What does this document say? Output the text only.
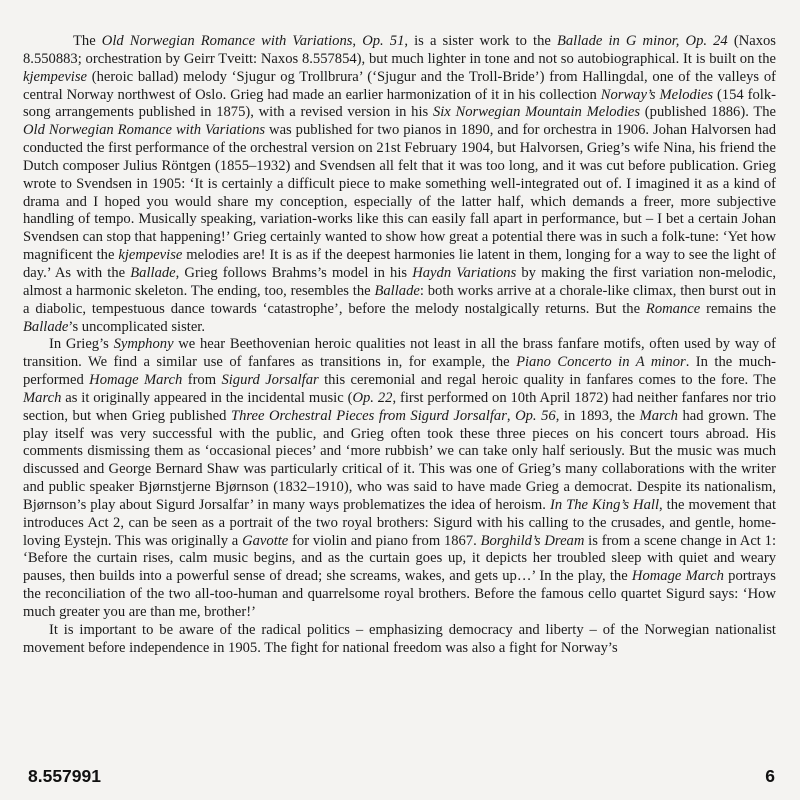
The Old Norwegian Romance with Variations, Op. 51, is a sister work to the Ballade in G minor, Op. 24 (Naxos 8.550883; orchestration by Geirr Tveitt: Naxos 8.557854), but much lighter in tone and not so autobiographical. It is built on the kjempevise (heroic ballad) melody ‘Sjugur og Trollbrura’ (‘Sjugur and the Troll-Bride’) from Hallingdal, one of the valleys of central Norway northwest of Oslo. Grieg had made an earlier harmonization of it in his collection Norway’s Melodies (154 folk-song arrangements published in 1875), with a revised version in his Six Norwegian Mountain Melodies (published 1886). The Old Norwegian Romance with Variations was published for two pianos in 1890, and for orchestra in 1906. Johan Halvorsen had conducted the first performance of the orchestral version on 21st February 1904, but Halvorsen, Grieg’s wife Nina, his friend the Dutch composer Julius Röntgen (1855–1932) and Svendsen all felt that it was too long, and it was cut before publication. Grieg wrote to Svendsen in 1905: ‘It is certainly a difficult piece to make something well-integrated out of. I imagined it as a kind of drama and I hoped you would share my conception, especially of the latter half, which demands a freer, more subjective handling of tempo. Musically speaking, variation-works like this can easily fall apart in performance, but – I bet a certain Johan Svendsen can stop that happening!’ Grieg certainly wanted to show how great a potential there was in such a folk-tune: ‘Yet how magnificent the kjempevise melodies are! It is as if the deepest harmonies lie latent in them, longing for a way to see the light of day.’ As with the Ballade, Grieg follows Brahms’s model in his Haydn Variations by making the first variation non-melodic, almost a harmonic skeleton. The ending, too, resembles the Ballade: both works arrive at a chorale-like climax, then burst out in a diabolic, tempestuous dance towards ‘catastrophe’, before the melody nostalgically returns. But the Romance remains the Ballade’s uncomplicated sister.

In Grieg’s Symphony we hear Beethovenian heroic qualities not least in all the brass fanfare motifs, often used by way of transition. We find a similar use of fanfares as transitions in, for example, the Piano Concerto in A minor. In the much-performed Homage March from Sigurd Jorsalfar this ceremonial and regal heroic quality in fanfares comes to the fore. The March as it originally appeared in the incidental music (Op. 22, first performed on 10th April 1872) had neither fanfares nor trio section, but when Grieg published Three Orchestral Pieces from Sigurd Jorsalfar, Op. 56, in 1893, the March had grown. The play itself was very successful with the public, and Grieg often took these three pieces on his concert tours abroad. His comments dismissing them as ‘occasional pieces’ and ‘more rubbish’ we can take only half seriously. But the music was much discussed and George Bernard Shaw was particularly critical of it. This was one of Grieg’s many collaborations with the writer and public speaker Bjørnstjerne Bjørnson (1832–1910), who was said to have made Grieg a democrat. Despite its nationalism, Bjørnson’s play about Sigurd Jorsalfar’ in many ways problematizes the idea of heroism. In The King’s Hall, the movement that introduces Act 2, can be seen as a portrait of the two royal brothers: Sigurd with his calling to the crusades, and gentle, home-loving Eystejn. This was originally a Gavotte for violin and piano from 1867. Borghild’s Dream is from a scene change in Act 1: ‘Before the curtain rises, calm music begins, and as the curtain goes up, it depicts her troubled sleep with quiet and weary pauses, then builds into a powerful sense of dread; she screams, wakes, and gets up…’ In the play, the Homage March portrays the reconciliation of the two all-too-human and quarrelsome royal brothers. Before the famous cello quartet Sigurd says: ‘How much greater you are than me, brother!’

It is important to be aware of the radical politics – emphasizing democracy and liberty – of the Norwegian nationalist movement before independence in 1905. The fight for national freedom was also a fight for Norway’s

8.557991	6
